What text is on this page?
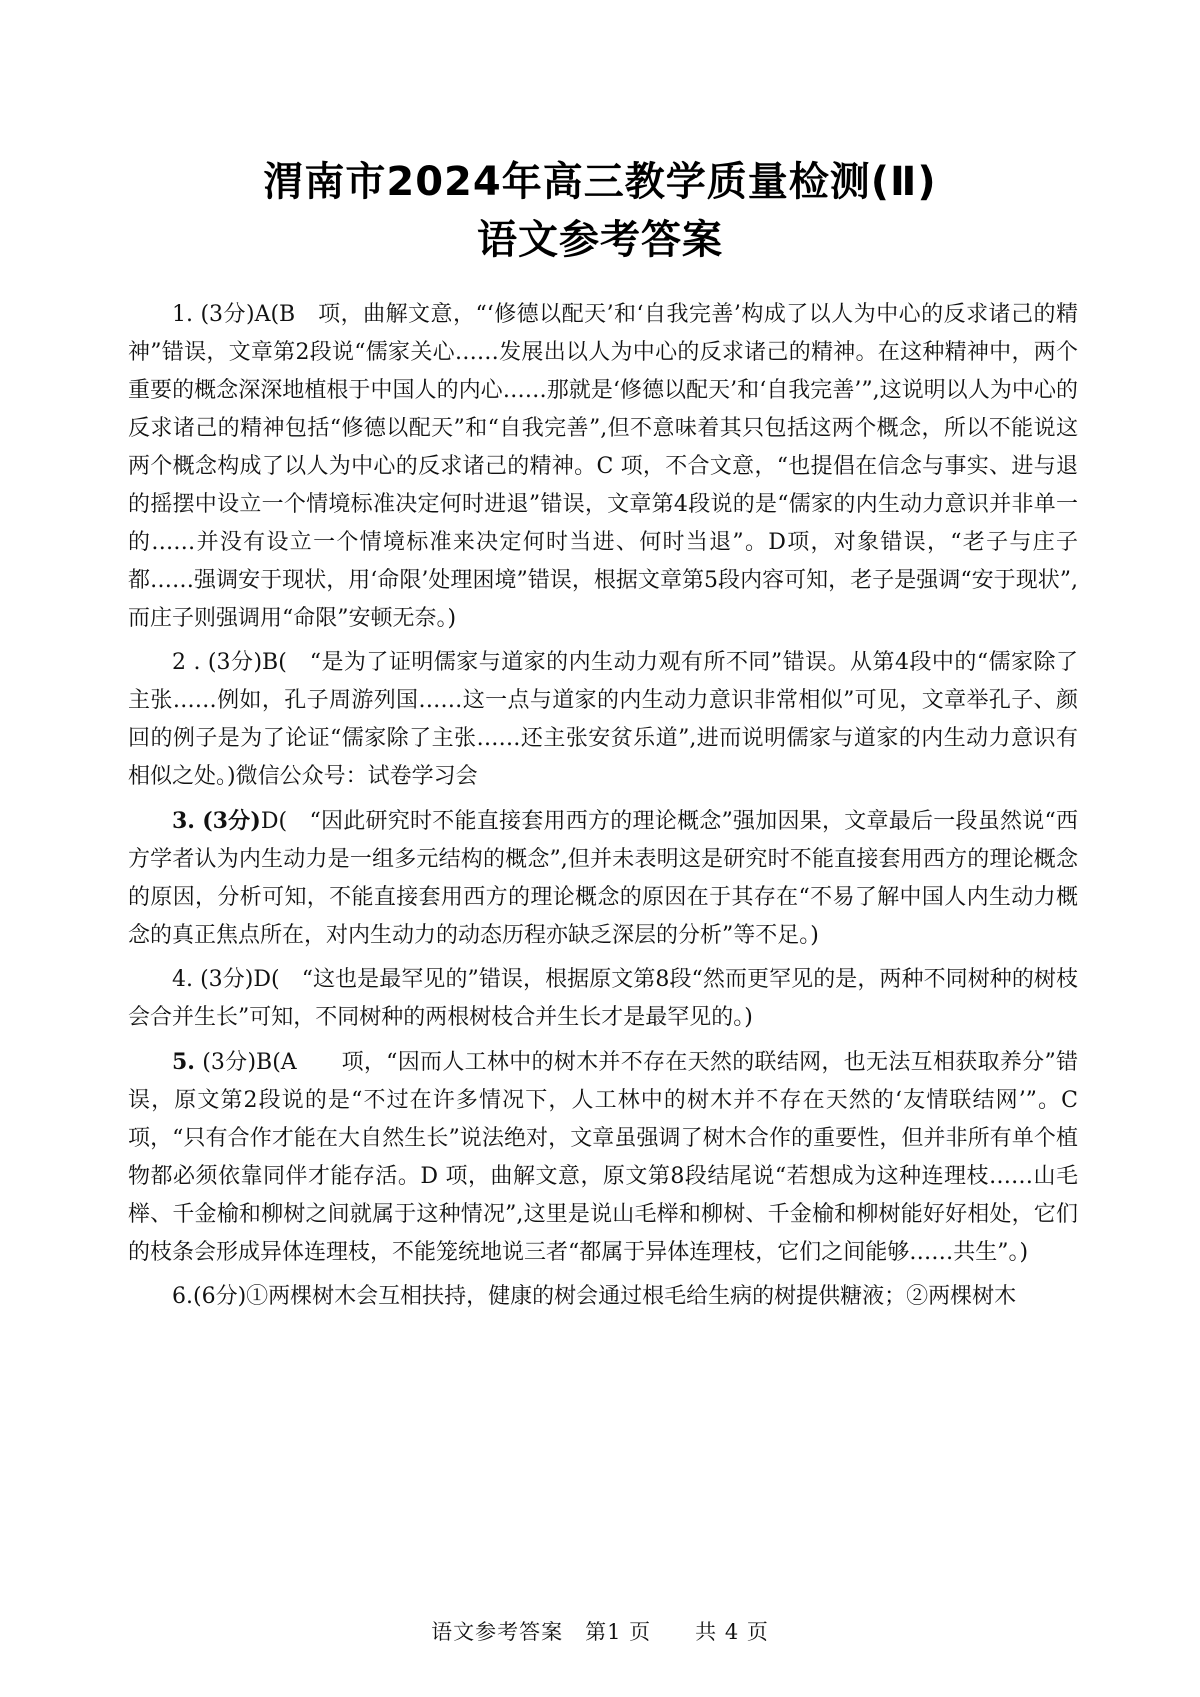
渭南市2024年高三教学质量检测(Ⅱ)
语文参考答案

1. (3分)A(B　项，曲解文意，“‘修德以配天’和‘自我完善’构成了以人为中心的反求诸己的精神”错误，文章第2段说“儒家关心……发展出以人为中心的反求诸己的精神。在这种精神中，两个重要的概念深深地植根于中国人的内心……那就是‘修德以配天’和‘自我完善’”,这说明以人为中心的反求诸己的精神包括“修德以配天”和“自我完善”,但不意味着其只包括这两个概念，所以不能说这两个概念构成了以人为中心的反求诸己的精神。C 项，不合文意，“也提倡在信念与事实、进与退的摇摆中设立一个情境标准决定何时进退”错误，文章第4段说的是“儒家的内生动力意识并非单一的……并没有设立一个情境标准来决定何时当进、何时当退”。D项，对象错误，“老子与庄子都……强调安于现状，用‘命限’处理困境”错误，根据文章第5段内容可知，老子是强调“安于现状”,而庄子则强调用“命限”安顿无奈。)

2 . (3分)B(　“是为了证明儒家与道家的内生动力观有所不同”错误。从第4段中的“儒家除了主张……例如，孔子周游列国……这一点与道家的内生动力意识非常相似”可见，文章举孔子、颜回的例子是为了论证“儒家除了主张……还主张安贫乐道”,进而说明儒家与道家的内生动力意识有相似之处。)微信公众号：试卷学习会

3. (3分)D(　“因此研究时不能直接套用西方的理论概念”强加因果，文章最后一段虽然说“西方学者认为内生动力是一组多元结构的概念”,但并未表明这是研究时不能直接套用西方的理论概念的原因，分析可知，不能直接套用西方的理论概念的原因在于其存在“不易了解中国人内生动力概念的真正焦点所在，对内生动力的动态历程亦缺乏深层的分析”等不足。)

4. (3分)D(　“这也是最罕见的”错误，根据原文第8段“然而更罕见的是，两种不同树种的树枝会合并生长”可知，不同树种的两根树枝合并生长才是最罕见的。)

5. (3分)B(A　　项，“因而人工林中的树木并不存在天然的联结网，也无法互相获取养分”错误，原文第2段说的是“不过在许多情况下，人工林中的树木并不存在天然的‘友情联结网’”。C 项，“只有合作才能在大自然生长”说法绝对，文章虽强调了树木合作的重要性，但并非所有单个植物都必须依靠同伴才能存活。D 项，曲解文意，原文第8段结尾说“若想成为这种连理枝……山毛榉、千金榆和柳树之间就属于这种情况”,这里是说山毛榉和柳树、千金榆和柳树能好好相处，它们的枝条会形成异体连理枝，不能笼统地说三者“都属于异体连理枝，它们之间能够……共生”。)

6.(6分)①两棵树木会互相扶持，健康的树会通过根毛给生病的树提供糖液；②两棵树木

语文参考答案　第1 页　　共 4 页
